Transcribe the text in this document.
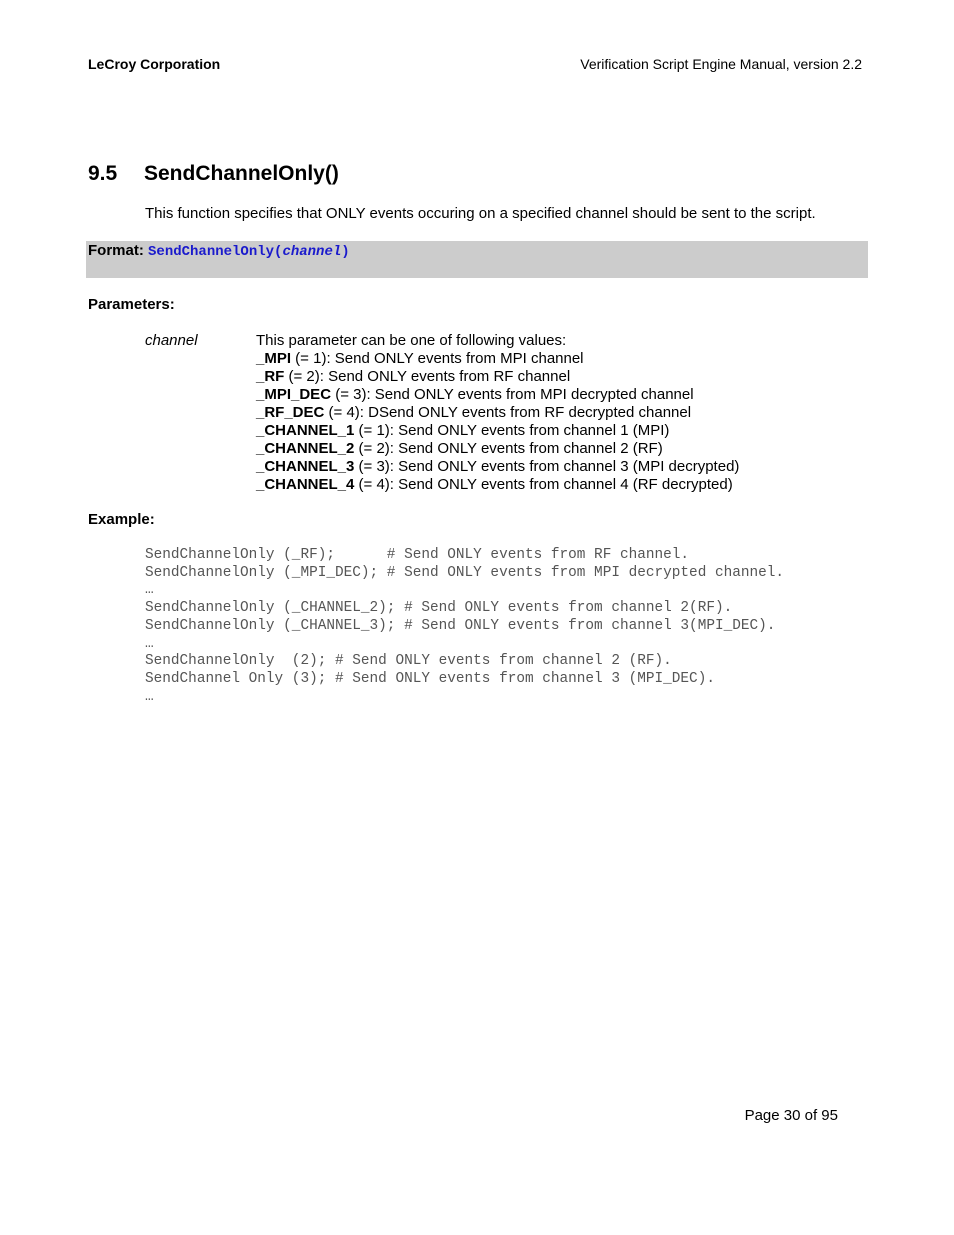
LeCroy Corporation	Verification Script Engine Manual, version 2.2
9.5 SendChannelOnly()
This function specifies that ONLY events occuring on a specified channel should be sent to the script.
Format: SendChannelOnly(channel)
Parameters:
channel	This parameter can be one of following values:
_MPI (= 1): Send ONLY events from MPI channel
_RF (= 2): Send ONLY events from RF channel
_MPI_DEC (= 3): Send ONLY events from MPI decrypted channel
_RF_DEC (= 4): DSend ONLY events from RF decrypted channel
_CHANNEL_1 (= 1): Send ONLY events from channel 1 (MPI)
_CHANNEL_2 (= 2): Send ONLY events from channel 2 (RF)
_CHANNEL_3 (= 3): Send ONLY events from channel 3 (MPI decrypted)
_CHANNEL_4 (= 4): Send ONLY events from channel 4 (RF decrypted)
Example:
SendChannelOnly (_RF);      # Send ONLY events from RF channel.
SendChannelOnly (_MPI_DEC); # Send ONLY events from MPI decrypted channel.
…
SendChannelOnly (_CHANNEL_2); # Send ONLY events from channel 2(RF).
SendChannelOnly (_CHANNEL_3); # Send ONLY events from channel 3(MPI_DEC).
…
SendChannelOnly  (2); # Send ONLY events from channel 2 (RF).
SendChannel Only (3); # Send ONLY events from channel 3 (MPI_DEC).
…
Page 30 of 95
